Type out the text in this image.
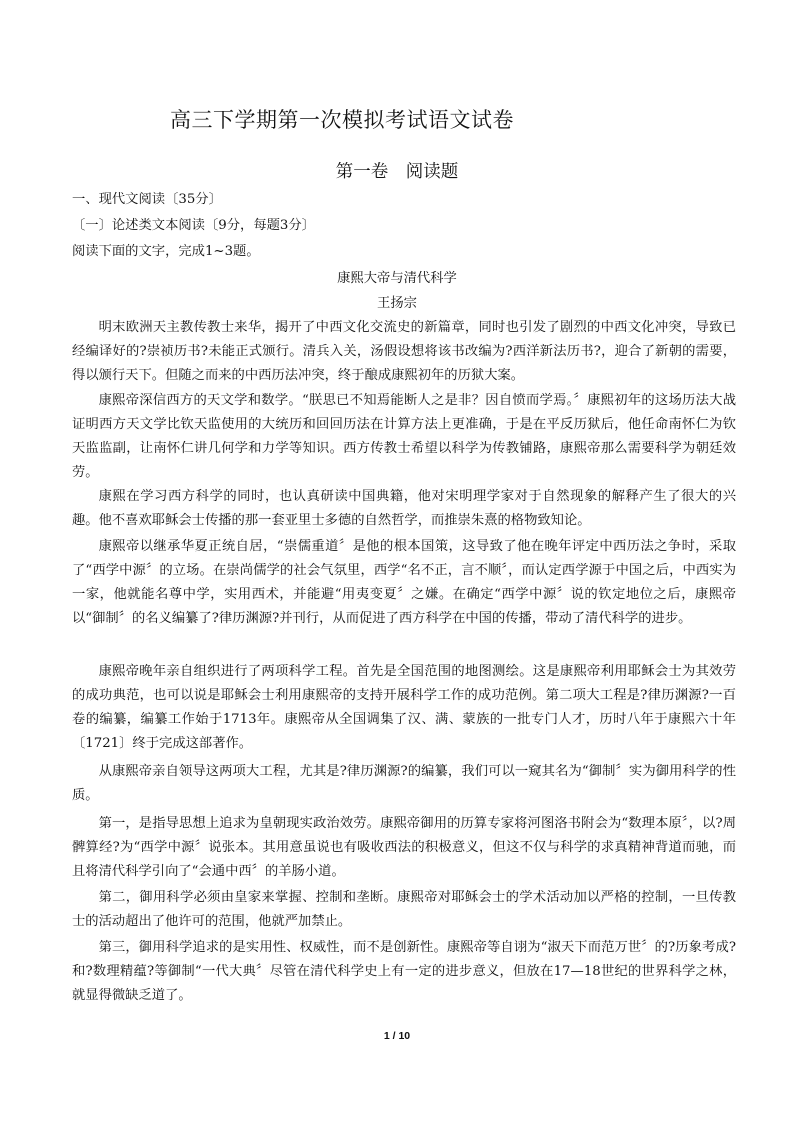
高三下学期第一次模拟考试语文试卷
第一卷　阅读题
一、现代文阅读〔35分〕
〔一〕论述类文本阅读〔9分，每题3分〕
阅读下面的文字，完成1~3题。
康熙大帝与清代科学
王扬宗
明末欧洲天主教传教士来华，揭开了中西文化交流史的新篇章，同时也引发了剧烈的中西文化冲突，导致已经编译好的?崇祯历书?未能正式颁行。清兵入关，汤假设想将该书改编为?西洋新法历书?，迎合了新朝的需要，得以颁行天下。但随之而来的中西历法冲突，终于酿成康熙初年的历狱大案。
康熙帝深信西方的天文学和数学。“朕思已不知焉能断人之是非？因自愤而学焉。〞康熙初年的这场历法大战证明西方天文学比钦天监使用的大统历和回回历法在计算方法上更准确，于是在平反历狱后，他任命南怀仁为钦天监监副，让南怀仁讲几何学和力学等知识。西方传教士希望以科学为传教铺路，康熙帝那么需要科学为朝廷效劳。
康熙在学习西方科学的同时，也认真研读中国典籍，他对宋明理学家对于自然现象的解释产生了很大的兴趣。他不喜欢耶稣会士传播的那一套亚里士多德的自然哲学，而推崇朱熹的格物致知论。
康熙帝以继承华夏正统自居，“崇儒重道〞是他的根本国策，这导致了他在晚年评定中西历法之争时，采取了“西学中源〞的立场。在崇尚儒学的社会气氛里，西学“名不正，言不顺〞，而认定西学源于中国之后，中西实为一家，他就能名尊中学，实用西术，并能避“用夷变夏〞之嫌。在确定“西学中源〞说的钦定地位之后，康熙帝以“御制〞的名义编纂了?律历渊源?并刊行，从而促进了西方科学在中国的传播，带动了清代科学的进步。
康熙帝晚年亲自组织进行了两项科学工程。首先是全国范围的地图测绘。这是康熙帝利用耶稣会士为其效劳的成功典范，也可以说是耶稣会士利用康熙帝的支持开展科学工作的成功范例。第二项大工程是?律历渊源?一百卷的编纂，编纂工作始于1713年。康熙帝从全国调集了汉、满、蒙族的一批专门人才，历时八年于康熙六十年〔1721〕终于完成这部著作。
从康熙帝亲自领导这两项大工程，尤其是?律历渊源?的编纂，我们可以一窥其名为“御制〞实为御用科学的性质。
第一，是指导思想上追求为皇朝现实政治效劳。康熙帝御用的历算专家将河图洛书附会为“数理本原〞，以?周髀算经?为“西学中源〞说张本。其用意虽说也有吸收西法的积极意义，但这不仅与科学的求真精神背道而驰，而且将清代科学引向了“会通中西〞的羊肠小道。
第二，御用科学必须由皇家来掌握、控制和垄断。康熙帝对耶稣会士的学术活动加以严格的控制，一旦传教士的活动超出了他许可的范围，他就严加禁止。
第三，御用科学追求的是实用性、权威性，而不是创新性。康熙帝等自诩为“淑天下而范万世〞的?历象考成?和?数理精蕴?等御制“一代大典〞尽管在清代科学史上有一定的进步意义，但放在17—18世纪的世界科学之林，就显得微缺乏道了。
1 / 10
